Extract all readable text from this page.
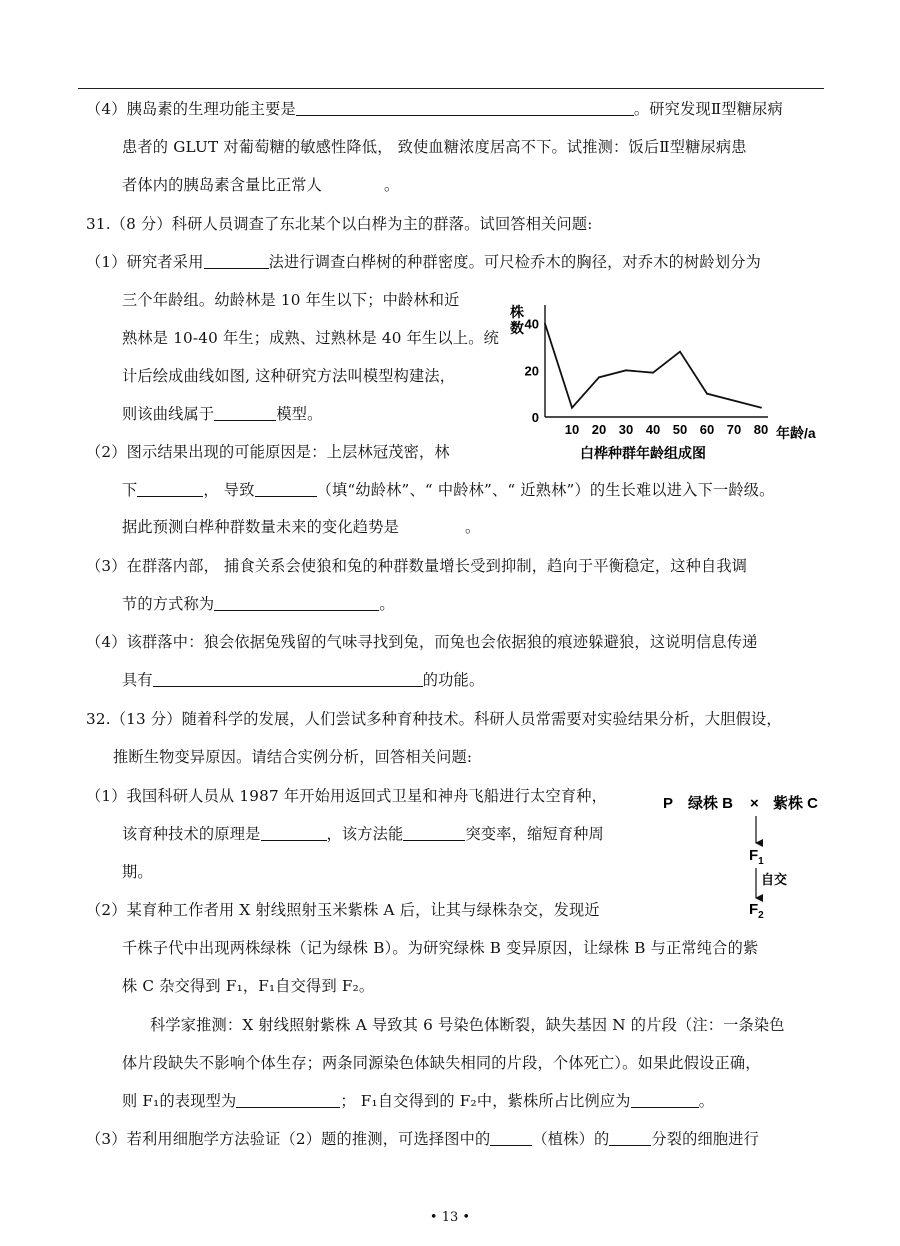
（4）胰岛素的生理功能主要是	。研究发现Ⅱ型糖尿病
患者的 GLUT 对葡萄糖的敏感性降低， 致使血糖浓度居高不下。试推测：饭后Ⅱ型糖尿病患
者体内的胰岛素含量比正常人	。
31.（8 分）科研人员调查了东北某个以白桦为主的群落。试回答相关问题:
（1）研究者采用	法进行调查白桦树的种群密度。可尺检乔木的胸径，对乔木的树龄划分为
三个年龄组。幼龄林是 10 年生以下；中龄林和近
熟林是 10-40 年生；成熟、过熟林是 40 年生以上。统
计后绘成曲线如图, 这种研究方法叫模型构建法，
则该曲线属于	模型。
（2）图示结果出现的可能原因是：上层林冠茂密，林
下	， 导致	（填“幼龄林”、“ 中龄林”、“ 近熟林”）的生长难以进入下一龄级。
据此预测白桦种群数量未来的变化趋势是	。
（3）在群落内部， 捕食关系会使狼和兔的种群数量增长受到抑制，趋向于平衡稳定，这种自我调
节的方式称为	。
（4）该群落中：狼会依据兔残留的气味寻找到兔，而兔也会依据狼的痕迹躲避狼，这说明信息传递
具有	的功能。
株
数
0
20
40
10 20 30 40 50 60 70 80 年龄/a
白桦种群年龄组成图
32.（13 分）随着科学的发展，人们尝试多种育种技术。科研人员常需要对实验结果分析，大胆假设，
推断生物变异原因。请结合实例分析，回答相关问题:
（1）我国科研人员从 1987 年开始用返回式卫星和神舟飞船进行太空育种，
该育种技术的原理是	，该方法能	突变率，缩短育种周
期。
（2）某育种工作者用 X 射线照射玉米紫株 A 后，让其与绿株杂交，发现近
千株子代中出现两株绿株（记为绿株 B）。为研究绿株 B 变异原因，让绿株 B 与正常纯合的紫
株 C 杂交得到 F₁，F₁自交得到 F₂。
科学家推测：X 射线照射紫株 A 导致其 6 号染色体断裂，缺失基因 N 的片段（注：一条染色
体片段缺失不影响个体生存；两条同源染色体缺失相同的片段，个体死亡）。如果此假设正确，
则 F₁的表现型为	； F₁自交得到的 F₂中，紫株所占比例应为	。
（3）若利用细胞学方法验证（2）题的推测，可选择图中的	（植株）的	分裂的细胞进行
P 绿株 B × 紫株 C
$F_1$
自交
$F_2$
• 13 •
